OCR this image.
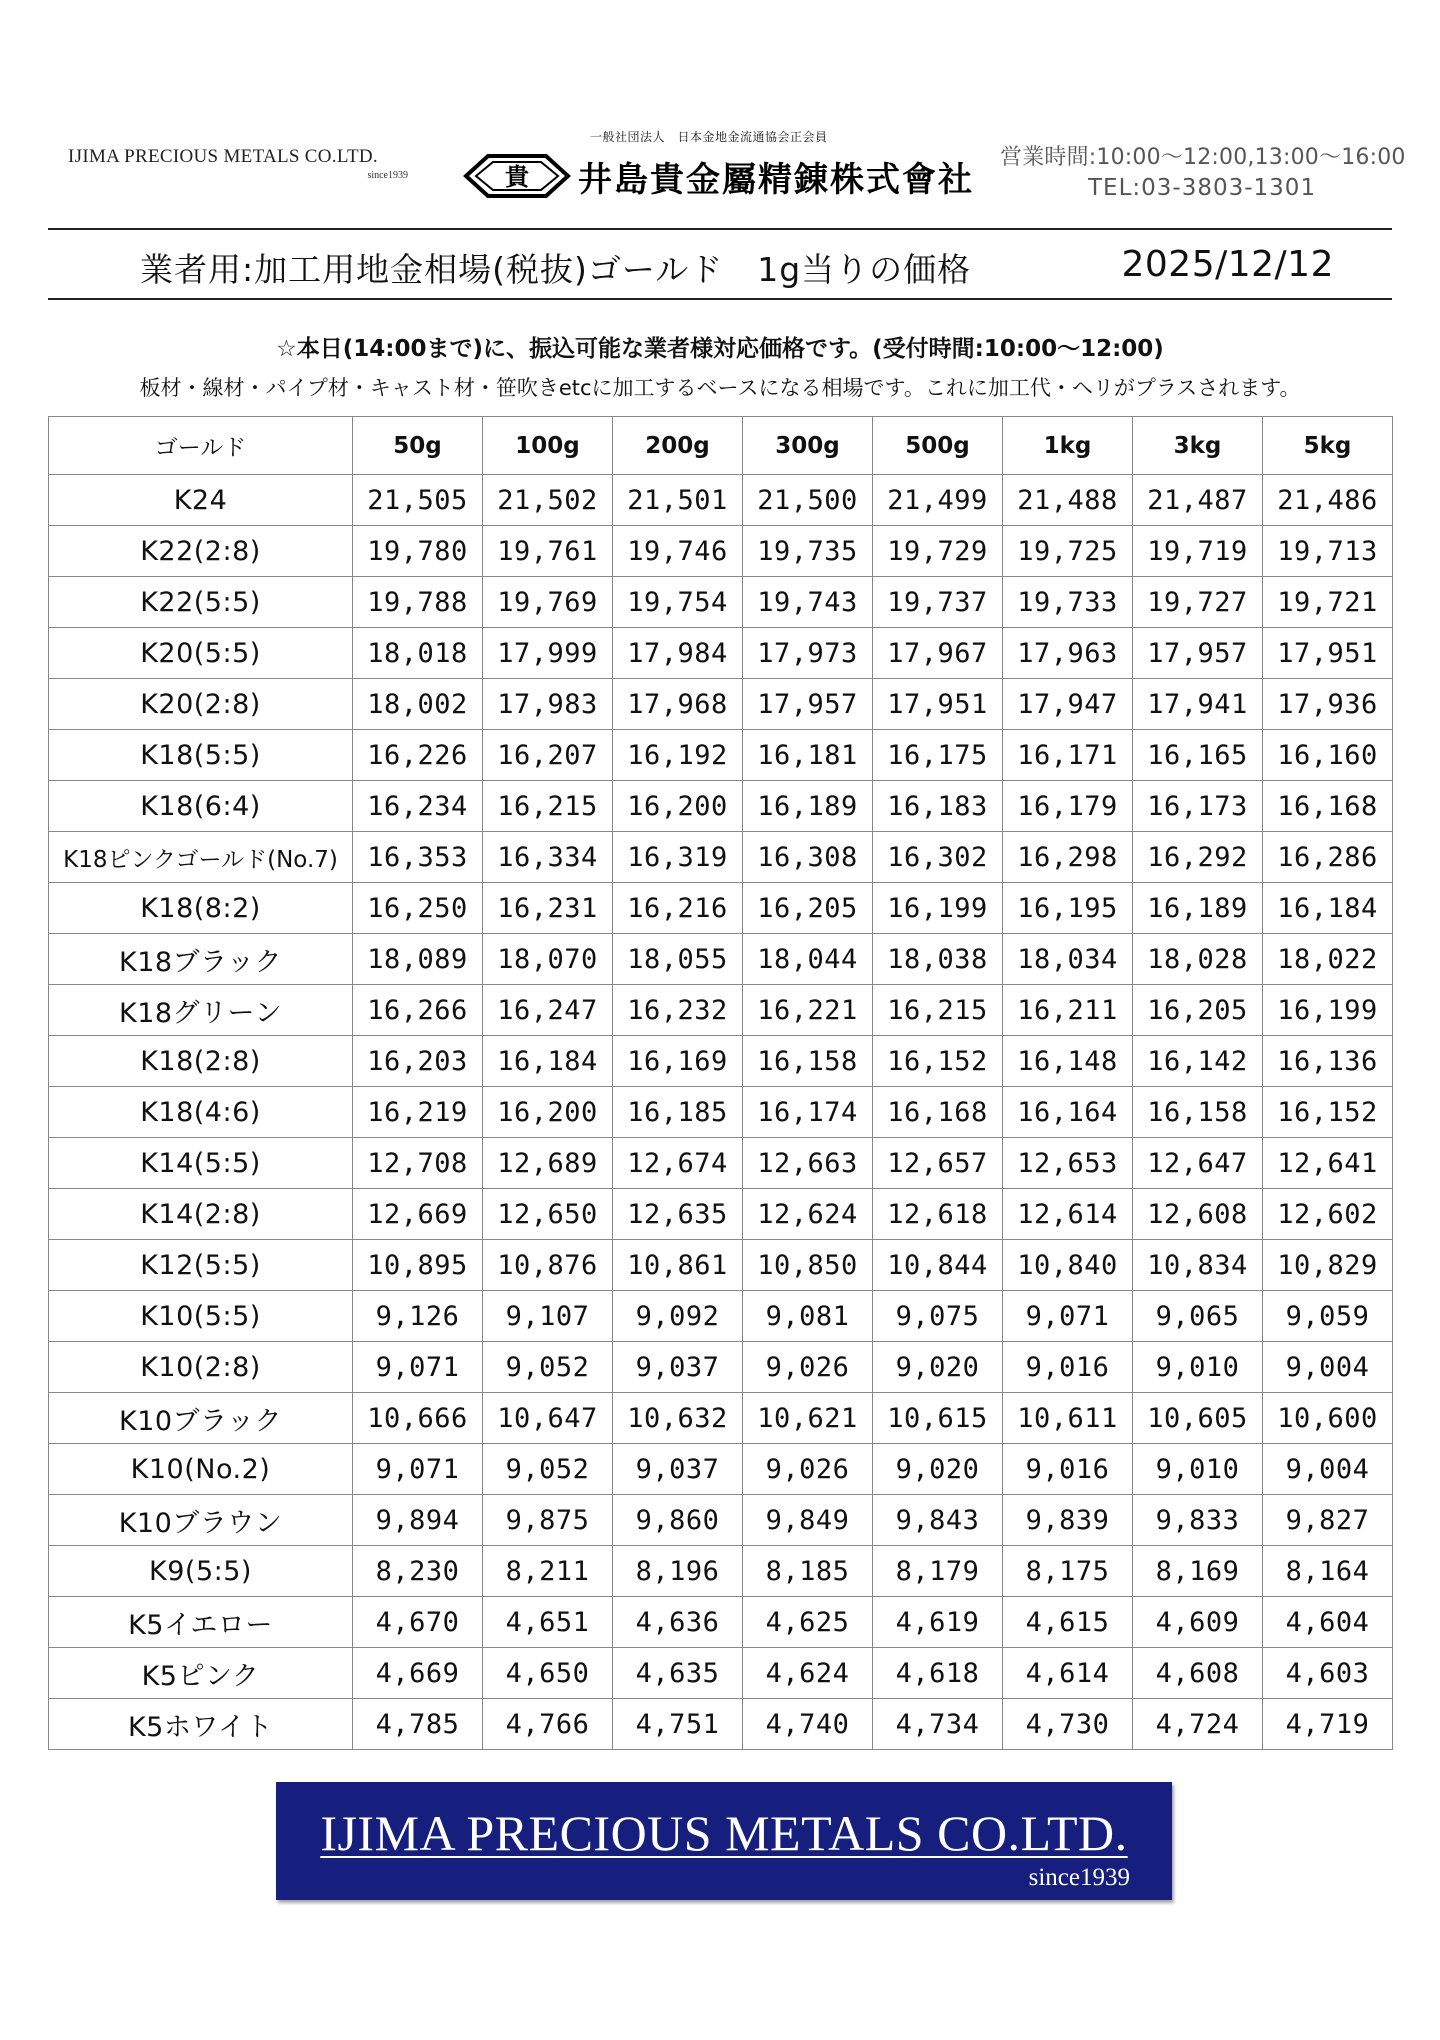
IJIMA PRECIOUS METALS CO.LTD.
since1939
一般社団法人　日本金地金流通協会正会員
貴 井島貴金屬精錬株式會社
営業時間:10:00～12:00,13:00～16:00
TEL:03-3803-1301
業者用:加工用地金相場(税抜)ゴールド　1g当りの価格	2025/12/12
☆本日(14:00まで)に、振込可能な業者様対応価格です。(受付時間:10:00～12:00)
板材・線材・パイプ材・キャスト材・笹吹きetcに加工するベースになる相場です。これに加工代・ヘリがプラスされます。
ゴールド	50g	100g	200g	300g	500g	1kg	3kg	5kg
K24	21,505	21,502	21,501	21,500	21,499	21,488	21,487	21,486
K22(2:8)	19,780	19,761	19,746	19,735	19,729	19,725	19,719	19,713
K22(5:5)	19,788	19,769	19,754	19,743	19,737	19,733	19,727	19,721
K20(5:5)	18,018	17,999	17,984	17,973	17,967	17,963	17,957	17,951
K20(2:8)	18,002	17,983	17,968	17,957	17,951	17,947	17,941	17,936
K18(5:5)	16,226	16,207	16,192	16,181	16,175	16,171	16,165	16,160
K18(6:4)	16,234	16,215	16,200	16,189	16,183	16,179	16,173	16,168
K18ピンクゴールド(No.7)	16,353	16,334	16,319	16,308	16,302	16,298	16,292	16,286
K18(8:2)	16,250	16,231	16,216	16,205	16,199	16,195	16,189	16,184
K18ブラック	18,089	18,070	18,055	18,044	18,038	18,034	18,028	18,022
K18グリーン	16,266	16,247	16,232	16,221	16,215	16,211	16,205	16,199
K18(2:8)	16,203	16,184	16,169	16,158	16,152	16,148	16,142	16,136
K18(4:6)	16,219	16,200	16,185	16,174	16,168	16,164	16,158	16,152
K14(5:5)	12,708	12,689	12,674	12,663	12,657	12,653	12,647	12,641
K14(2:8)	12,669	12,650	12,635	12,624	12,618	12,614	12,608	12,602
K12(5:5)	10,895	10,876	10,861	10,850	10,844	10,840	10,834	10,829
K10(5:5)	9,126	9,107	9,092	9,081	9,075	9,071	9,065	9,059
K10(2:8)	9,071	9,052	9,037	9,026	9,020	9,016	9,010	9,004
K10ブラック	10,666	10,647	10,632	10,621	10,615	10,611	10,605	10,600
K10(No.2)	9,071	9,052	9,037	9,026	9,020	9,016	9,010	9,004
K10ブラウン	9,894	9,875	9,860	9,849	9,843	9,839	9,833	9,827
K9(5:5)	8,230	8,211	8,196	8,185	8,179	8,175	8,169	8,164
K5イエロー	4,670	4,651	4,636	4,625	4,619	4,615	4,609	4,604
K5ピンク	4,669	4,650	4,635	4,624	4,618	4,614	4,608	4,603
K5ホワイト	4,785	4,766	4,751	4,740	4,734	4,730	4,724	4,719
IJIMA PRECIOUS METALS CO.LTD.
since1939
